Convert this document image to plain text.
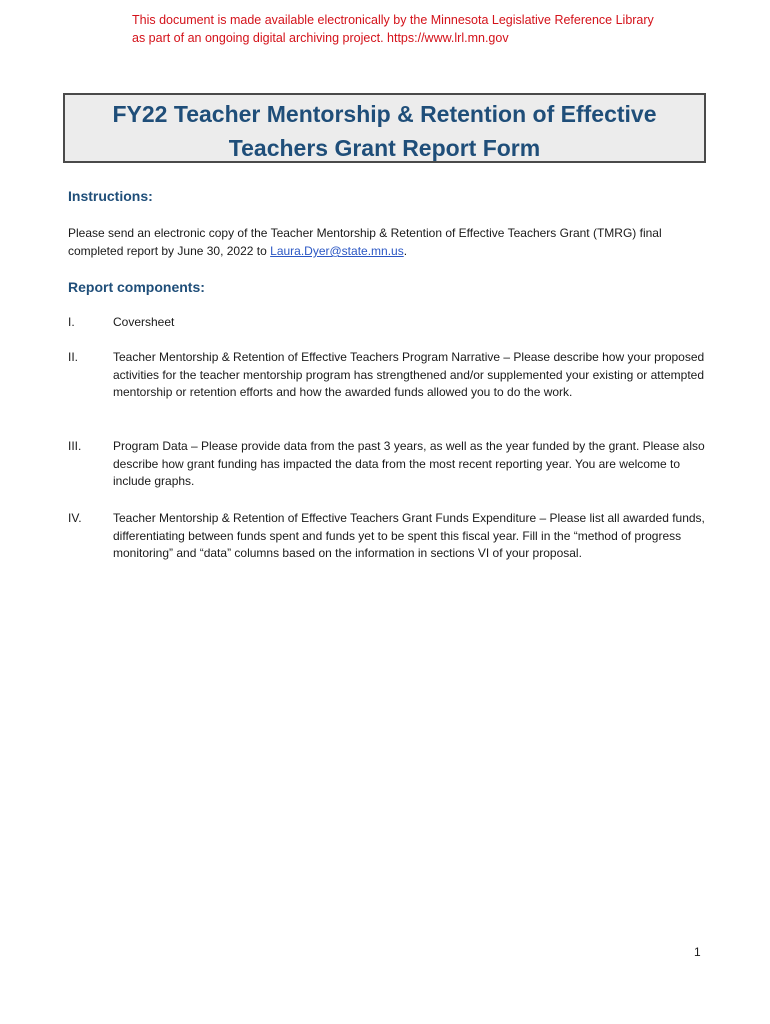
This document is made available electronically by the Minnesota Legislative Reference Library
as part of an ongoing digital archiving project. https://www.lrl.mn.gov
FY22 Teacher Mentorship & Retention of Effective
Teachers Grant Report Form
Instructions:
Please send an electronic copy of the Teacher Mentorship & Retention of Effective Teachers Grant (TMRG) final completed report by June 30, 2022 to Laura.Dyer@state.mn.us.
Report components:
I.	Coversheet
II.	Teacher Mentorship & Retention of Effective Teachers Program Narrative – Please describe how your proposed activities for the teacher mentorship program has strengthened and/or supplemented your existing or attempted mentorship or retention efforts and how the awarded funds allowed you to do the work.
III.	Program Data – Please provide data from the past 3 years, as well as the year funded by the grant. Please also describe how grant funding has impacted the data from the most recent reporting year. You are welcome to include graphs.
IV.	Teacher Mentorship & Retention of Effective Teachers Grant Funds Expenditure – Please list all awarded funds, differentiating between funds spent and funds yet to be spent this fiscal year. Fill in the “method of progress monitoring” and “data” columns based on the information in sections VI of your proposal.
1
